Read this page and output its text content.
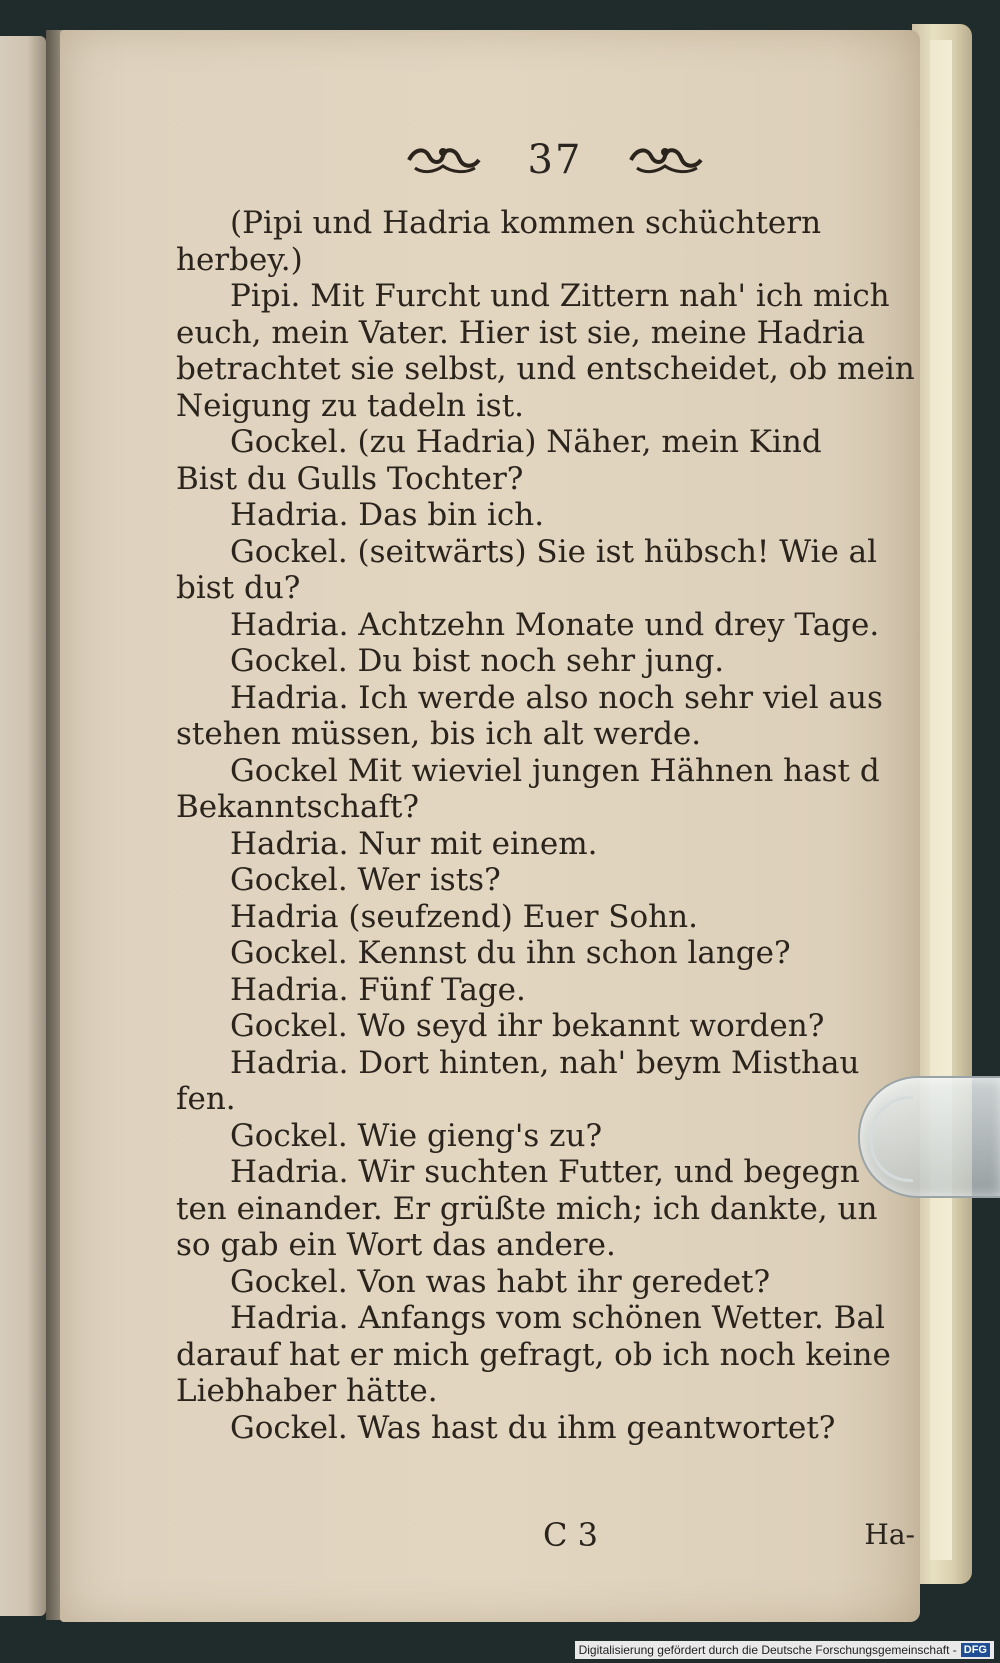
37
(Pipi und Hadria kommen schüchtern
herbey.)
Pipi. Mit Furcht und Zittern nah' ich mich
euch, mein Vater. Hier ist sie, meine Hadria
betrachtet sie selbst, und entscheidet, ob mein
Neigung zu tadeln ist.
Gockel. (zu Hadria) Näher, mein Kind
Bist du Gulls Tochter?
Hadria. Das bin ich.
Gockel. (seitwärts) Sie ist hübsch! Wie al
bist du?
Hadria. Achtzehn Monate und drey Tage.
Gockel. Du bist noch sehr jung.
Hadria. Ich werde also noch sehr viel aus
stehen müssen, bis ich alt werde.
Gockel Mit wieviel jungen Hähnen hast d
Bekanntschaft?
Hadria. Nur mit einem.
Gockel. Wer ists?
Hadria (seufzend) Euer Sohn.
Gockel. Kennst du ihn schon lange?
Hadria. Fünf Tage.
Gockel. Wo seyd ihr bekannt worden?
Hadria. Dort hinten, nah' beym Misthau
fen.
Gockel. Wie gieng's zu?
Hadria. Wir suchten Futter, und begegn
ten einander. Er grüßte mich; ich dankte, un
so gab ein Wort das andere.
Gockel. Von was habt ihr geredet?
Hadria. Anfangs vom schönen Wetter. Bal
darauf hat er mich gefragt, ob ich noch keine
Liebhaber hätte.
Gockel. Was hast du ihm geantwortet?
C 3	Ha-
Digitalisierung gefördert durch die Deutsche Forschungsgemeinschaft - DFG
